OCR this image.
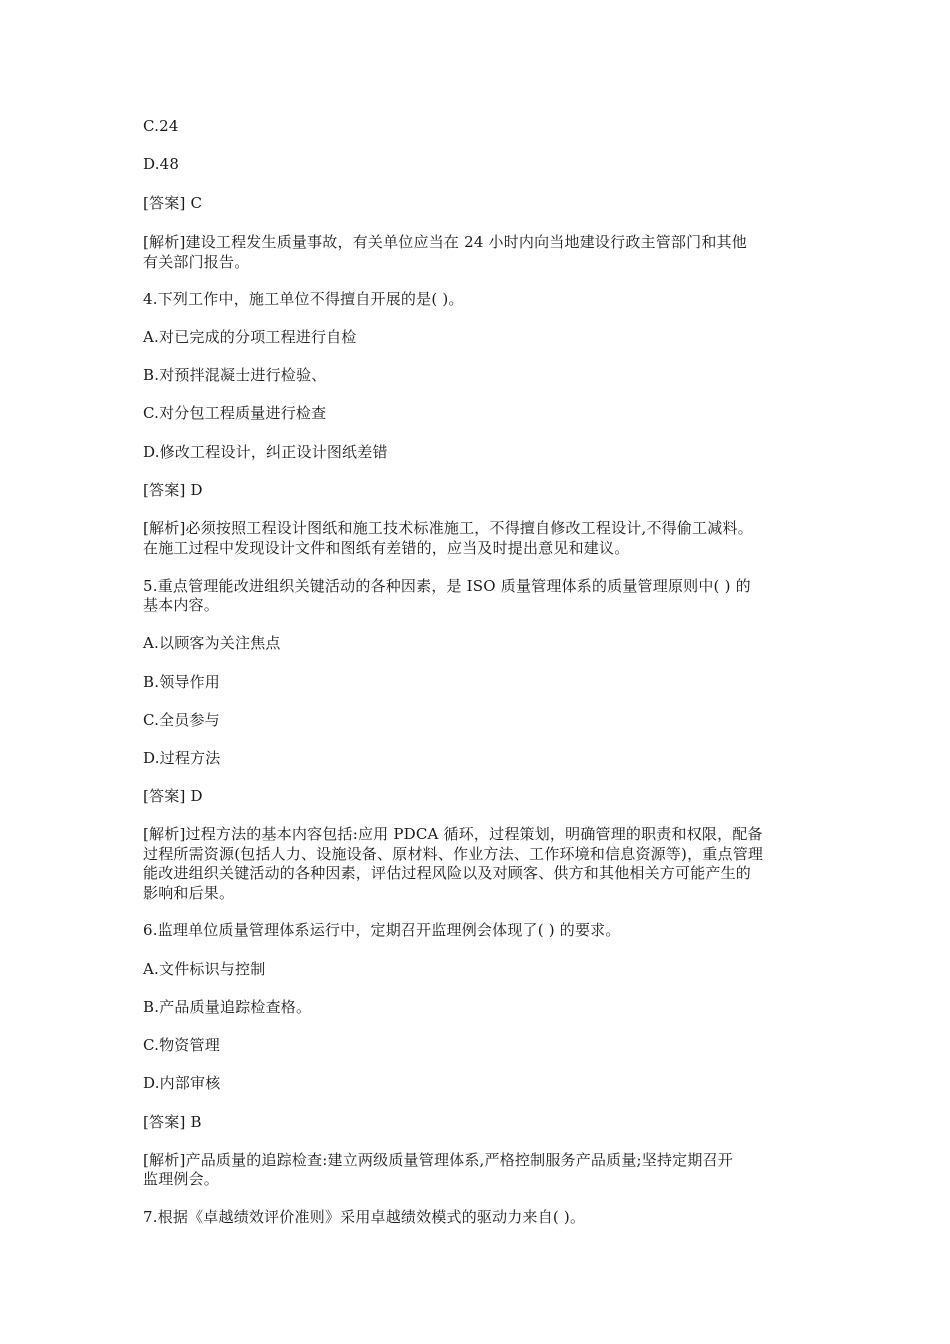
C.24
D.48
[答案] C
[解析]建设工程发生质量事故，有关单位应当在 24 小时内向当地建设行政主管部门和其他
有关部门报告。
4.下列工作中，施工单位不得擅自开展的是( )。
A.对已完成的分项工程进行自检
B.对预拌混凝士进行检验、
C.对分包工程质量进行检查
D.修改工程设计，纠正设计图纸差错
[答案] D
[解析]必须按照工程设计图纸和施工技术标准施工，不得擅自修改工程设计,不得偷工减料。
在施工过程中发现设计文件和图纸有差错的，应当及时提出意见和建议。
5.重点管理能改进组织关键活动的各种因素，是 ISO 质量管理体系的质量管理原则中( ) 的
基本内容。
A.以顾客为关注焦点
B.领导作用
C.全员参与
D.过程方法
[答案] D
[解析]过程方法的基本内容包括:应用 PDCA 循环，过程策划，明确管理的职责和权限，配备
过程所需资源(包括人力、设施设备、原材料、作业方法、工作环境和信息资源等)，重点管理
能改进组织关键活动的各种因素，评估过程风险以及对顾客、供方和其他相关方可能产生的
影响和后果。
6.监理单位质量管理体系运行中，定期召开监理例会体现了( ) 的要求。
A.文件标识与控制
B.产品质量追踪检查格。
C.物资管理
D.内部审核
[答案] B
[解析]产品质量的追踪检查:建立两级质量管理体系,严格控制服务产品质量;坚持定期召开
监理例会。
7.根据《卓越绩效评价准则》采用卓越绩效模式的驱动力来自( )。
